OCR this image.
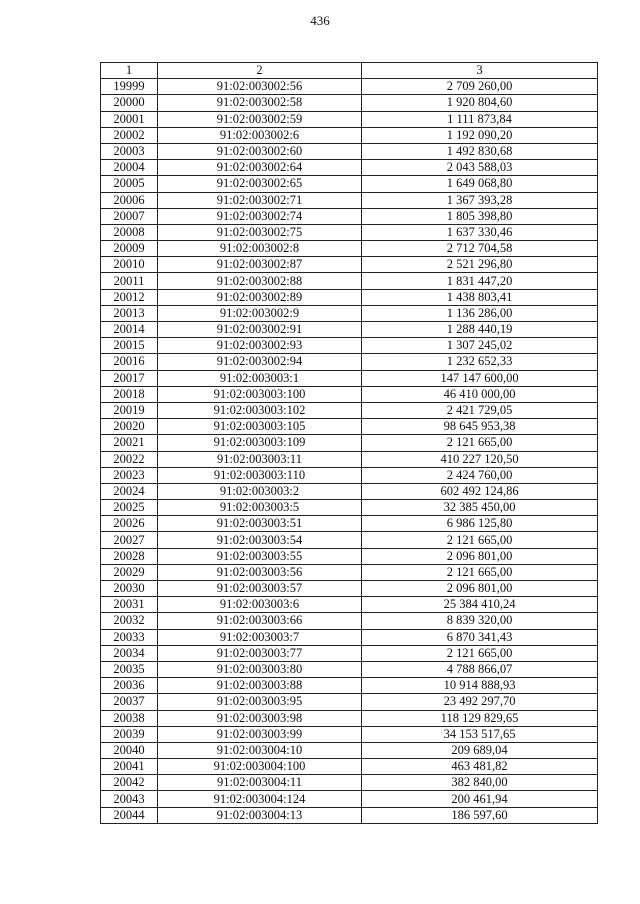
436
1	2	3
19999	91:02:003002:56	2 709 260,00
20000	91:02:003002:58	1 920 804,60
20001	91:02:003002:59	1 111 873,84
20002	91:02:003002:6	1 192 090,20
20003	91:02:003002:60	1 492 830,68
20004	91:02:003002:64	2 043 588,03
20005	91:02:003002:65	1 649 068,80
20006	91:02:003002:71	1 367 393,28
20007	91:02:003002:74	1 805 398,80
20008	91:02:003002:75	1 637 330,46
20009	91:02:003002:8	2 712 704,58
20010	91:02:003002:87	2 521 296,80
20011	91:02:003002:88	1 831 447,20
20012	91:02:003002:89	1 438 803,41
20013	91:02:003002:9	1 136 286,00
20014	91:02:003002:91	1 288 440,19
20015	91:02:003002:93	1 307 245,02
20016	91:02:003002:94	1 232 652,33
20017	91:02:003003:1	147 147 600,00
20018	91:02:003003:100	46 410 000,00
20019	91:02:003003:102	2 421 729,05
20020	91:02:003003:105	98 645 953,38
20021	91:02:003003:109	2 121 665,00
20022	91:02:003003:11	410 227 120,50
20023	91:02:003003:110	2 424 760,00
20024	91:02:003003:2	602 492 124,86
20025	91:02:003003:5	32 385 450,00
20026	91:02:003003:51	6 986 125,80
20027	91:02:003003:54	2 121 665,00
20028	91:02:003003:55	2 096 801,00
20029	91:02:003003:56	2 121 665,00
20030	91:02:003003:57	2 096 801,00
20031	91:02:003003:6	25 384 410,24
20032	91:02:003003:66	8 839 320,00
20033	91:02:003003:7	6 870 341,43
20034	91:02:003003:77	2 121 665,00
20035	91:02:003003:80	4 788 866,07
20036	91:02:003003:88	10 914 888,93
20037	91:02:003003:95	23 492 297,70
20038	91:02:003003:98	118 129 829,65
20039	91:02:003003:99	34 153 517,65
20040	91:02:003004:10	209 689,04
20041	91:02:003004:100	463 481,82
20042	91:02:003004:11	382 840,00
20043	91:02:003004:124	200 461,94
20044	91:02:003004:13	186 597,60
